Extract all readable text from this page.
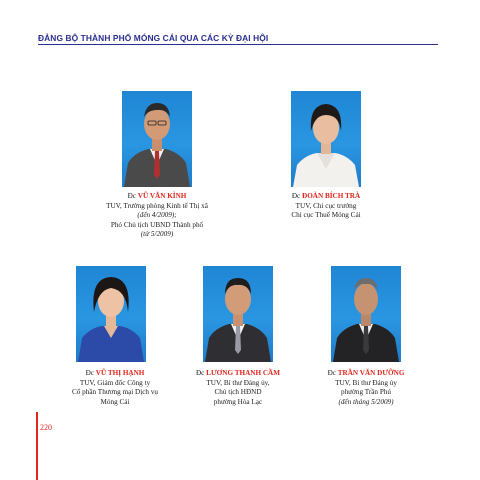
ĐẢNG BỘ THÀNH PHỐ MÓNG CÁI QUA CÁC KỲ ĐẠI HỘI
Đc VŨ VĂN KÌNH
TUV, Trưởng phòng Kinh tế Thị xã
(đến 4/2009);
Phó Chủ tịch UBND Thành phố
(từ 5/2009)
Đc ĐOÀN BÍCH TRÀ
TUV, Chi cục trưởng
Chi cục Thuế Móng Cái
Đc VŨ THỊ HẠNH
TUV, Giám đốc Công ty
Cổ phần Thương mại Dịch vụ
Móng Cái
Đc LƯƠNG THANH CẦM
TUV, Bí thư Đảng ủy,
Chủ tịch HĐND
phường Hòa Lạc
Đc TRẦN VĂN DƯỠNG
TUV, Bí thư Đảng ủy
phường Trần Phú
(đến tháng 5/2009)
220
